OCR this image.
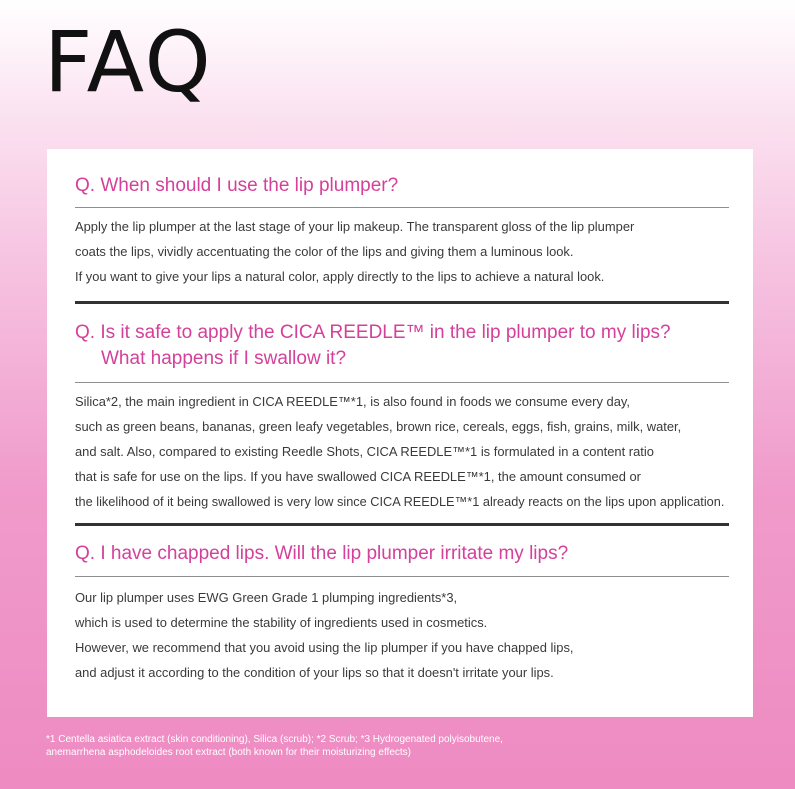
FAQ
Q. When should I use the lip plumper?

Apply the lip plumper at the last stage of your lip makeup. The transparent gloss of the lip plumper
coats the lips, vividly accentuating the color of the lips and giving them a luminous look.
If you want to give your lips a natural color, apply directly to the lips to achieve a natural look.

Q. Is it safe to apply the CICA REEDLE™ in the lip plumper to my lips?
What happens if I swallow it?

Silica*2, the main ingredient in CICA REEDLE™*1, is also found in foods we consume every day,
such as green beans, bananas, green leafy vegetables, brown rice, cereals, eggs, fish, grains, milk, water,
and salt. Also, compared to existing Reedle Shots, CICA REEDLE™*1 is formulated in a content ratio
that is safe for use on the lips. If you have swallowed CICA REEDLE™*1, the amount consumed or
the likelihood of it being swallowed is very low since CICA REEDLE™*1 already reacts on the lips upon application.

Q. I have chapped lips. Will the lip plumper irritate my lips?

Our lip plumper uses EWG Green Grade 1 plumping ingredients*3,
which is used to determine the stability of ingredients used in cosmetics.
However, we recommend that you avoid using the lip plumper if you have chapped lips,
and adjust it according to the condition of your lips so that it doesn't irritate your lips.

*1 Centella asiatica extract (skin conditioning), Silica (scrub); *2 Scrub; *3 Hydrogenated polyisobutene,
anemarrhena asphodeloides root extract (both known for their moisturizing effects)
